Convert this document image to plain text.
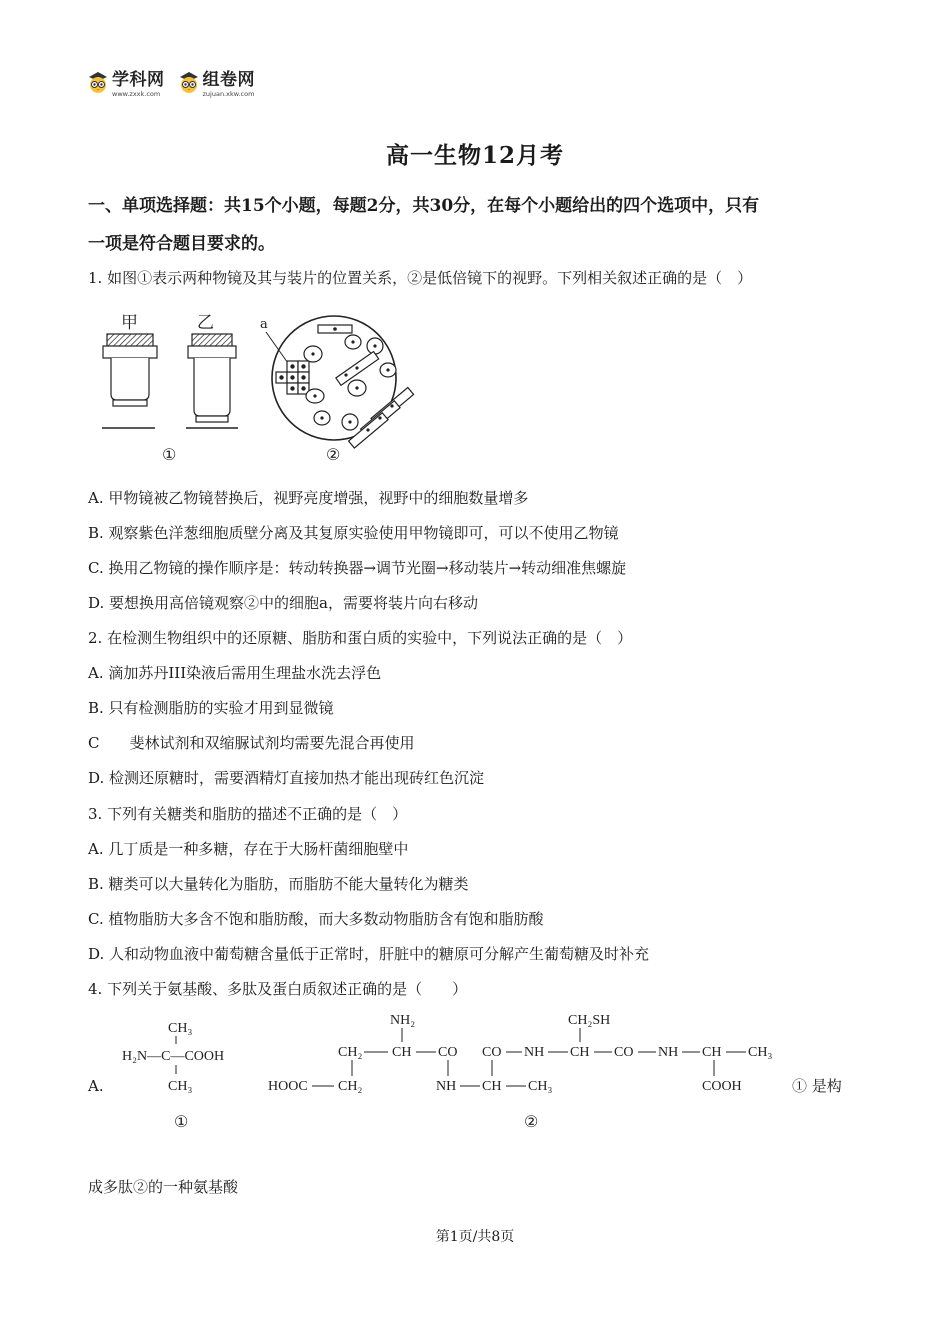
学科网
www.zxxk.com
组卷网
zujuan.xkw.com
高一生物12月考
一、单项选择题：共15个小题，每题2分，共30分，在每个小题给出的四个选项中，只有
一项是符合题目要求的。
1. 如图①表示两种物镜及其与装片的位置关系，②是低倍镜下的视野。下列相关叙述正确的是（　）
甲	乙	a
①	②
A. 甲物镜被乙物镜替换后，视野亮度增强，视野中的细胞数量增多
B. 观察紫色洋葱细胞质壁分离及其复原实验使用甲物镜即可，可以不使用乙物镜
C. 换用乙物镜的操作顺序是：转动转换器→调节光圈→移动装片→转动细准焦螺旋
D. 要想换用高倍镜观察②中的细胞a，需要将装片向右移动
2. 在检测生物组织中的还原糖、脂肪和蛋白质的实验中，下列说法正确的是（　）
A. 滴加苏丹III染液后需用生理盐水洗去浮色
B. 只有检测脂肪的实验才用到显微镜
C　　斐林试剂和双缩脲试剂均需要先混合再使用
D. 检测还原糖时，需要酒精灯直接加热才能出现砖红色沉淀
3. 下列有关糖类和脂肪的描述不正确的是（　）
A. 几丁质是一种多糖，存在于大肠杆菌细胞壁中
B. 糖类可以大量转化为脂肪，而脂肪不能大量转化为糖类
C. 植物脂肪大多含不饱和脂肪酸，而大多数动物脂肪含有饱和脂肪酸
D. 人和动物血液中葡萄糖含量低于正常时，肝脏中的糖原可分解产生葡萄糖及时补充
4. 下列关于氨基酸、多肽及蛋白质叙述正确的是（　　）
A.	① 是构
CH₃
H₂N—C—COOH
CH₃
①
NH₂
CH₂ CH CO
HOOC CH₂	NH CH CH₃
CO NH CH
CH₂SH
CO NH CH CH₃
COOH
②
成多肽②的一种氨基酸
第1页/共8页
